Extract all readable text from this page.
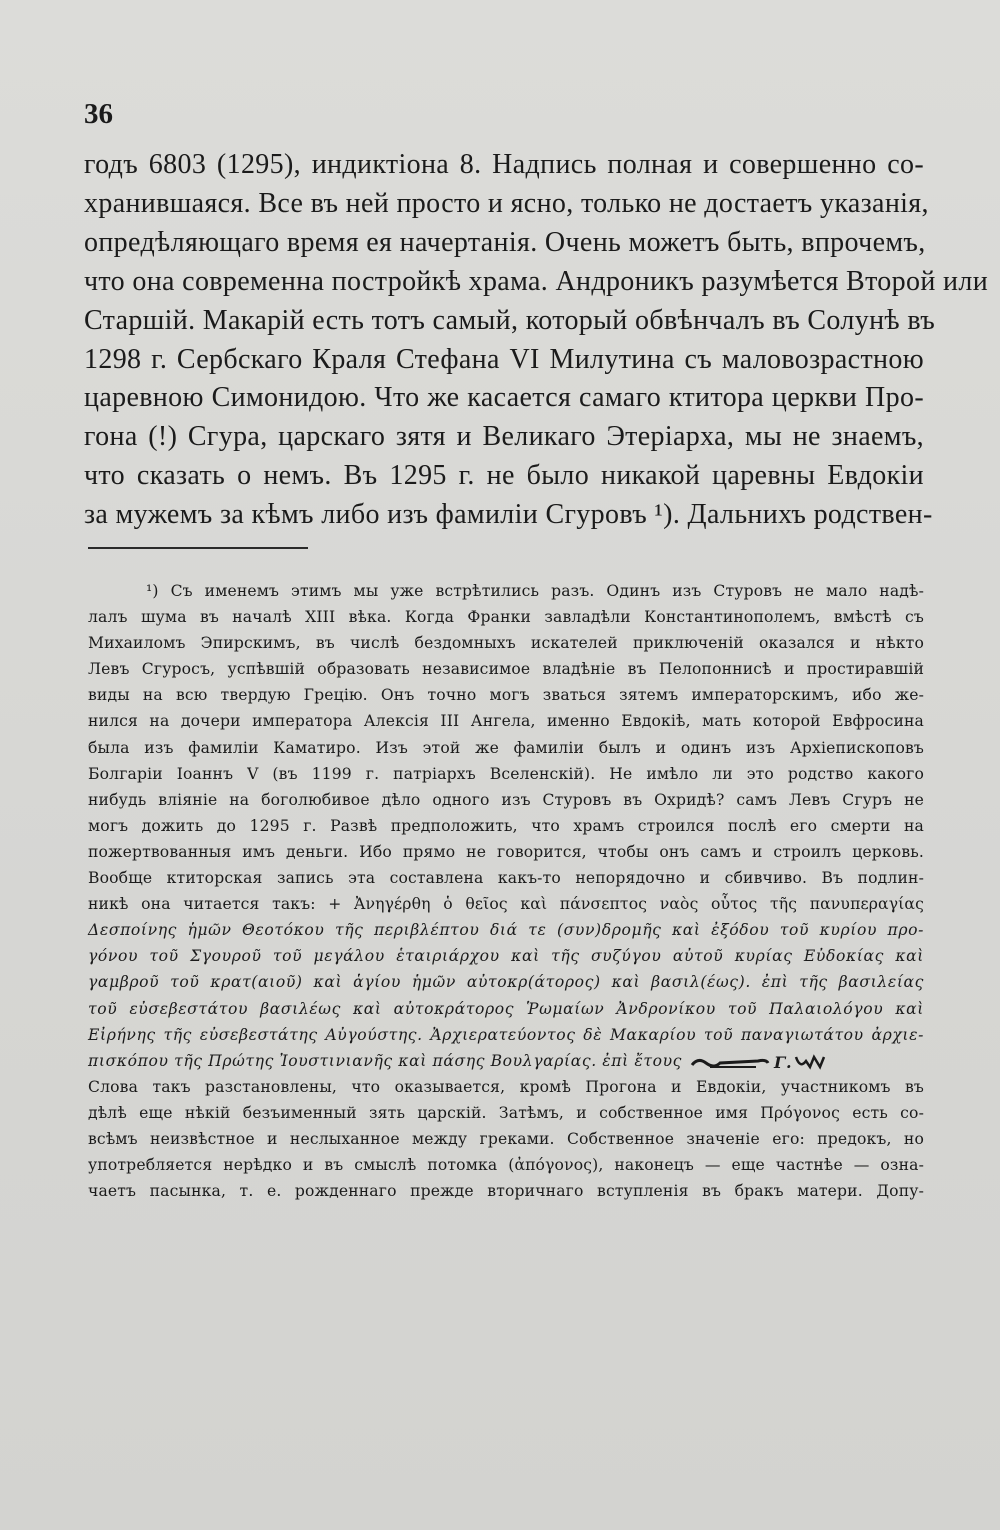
36
годъ 6803 (1295), индиктіона 8. Надпись полная и совершенно со-
хранившаяся. Все въ ней просто и ясно, только не достаетъ указанія,
опредѣляющаго время ея начертанія. Очень можетъ быть, впрочемъ,
что она современна постройкѣ храма. Андроникъ разумѣется Второй или
Старшій. Макарій есть тотъ самый, который обвѣнчалъ въ Солунѣ въ
1298 г. Сербскаго Краля Стефана VI Милутина съ маловозрастною
царевною Симонидою. Что же касается самаго ктитора церкви Про-
гона (!) Сгура, царскаго зятя и Великаго Этеріарха, мы не знаемъ,
что сказать о немъ. Въ 1295 г. не было никакой царевны Евдокіи
за мужемъ за кѣмъ либо изъ фамиліи Сгуровъ ¹). Дальнихъ родствен-
¹) Съ именемъ этимъ мы уже встрѣтились разъ. Одинъ изъ Стуровъ не мало надѣ-
лалъ шума въ началѣ XIII вѣка. Когда Франки завладѣли Константинополемъ, вмѣстѣ съ
Михаиломъ Эпирскимъ, въ числѣ бездомныхъ искателей приключеній оказался и нѣкто
Левъ Сгуросъ, успѣвшій образовать независимое владѣніе въ Пелопоннисѣ и простиравшій
виды на всю твердую Грецію. Онъ точно могъ зваться зятемъ императорскимъ, ибо же-
нился на дочери императора Алексія III Ангела, именно Евдокіѣ, мать которой Евфросина
была изъ фамиліи Каматиро. Изъ этой же фамиліи былъ и одинъ изъ Архіепископовъ
Болгаріи Іоаннъ V (въ 1199 г. патріархъ Вселенскій). Не имѣло ли это родство какого
нибудь вліяніе на боголюбивое дѣло одного изъ Стуровъ въ Охридѣ? самъ Левъ Сгуръ не
могъ дожить до 1295 г. Развѣ предположить, что храмъ строился послѣ его смерти на
пожертвованныя имъ деньги. Ибо прямо не говорится, чтобы онъ самъ и строилъ церковь.
Вообще ктиторская запись эта составлена какъ-то непорядочно и сбивчиво. Въ подлин-
никѣ она читается такъ: + Ἀνηγέρθη ὁ θεῖος καὶ πάνσεπτος ναὸς οὗτος τῆς πανυπεραγίας
Δεσποίνης ἡμῶν Θεοτόκου τῆς περιβλέπτου διά τε (συν)δρομῆς καὶ ἐξόδου τοῦ κυρίου προ-
γόνου τοῦ Σγουροῦ τοῦ μεγάλου ἑταιριάρχου καὶ τῆς συζύγου αὐτοῦ κυρίας Εὐδοκίας καὶ
γαμβροῦ τοῦ κρατ(αιοῦ) καὶ ἁγίου ἡμῶν αὐτοκρ(άτορος) καὶ βασιλ(έως). ἐπὶ τῆς βασιλείας
τοῦ εὐσεβεστάτου βασιλέως καὶ αὐτοκράτορος Ῥωμαίων Ἀνδρονίκου τοῦ Παλαιολόγου καὶ
Εἰρήνης τῆς εὐσεβεστάτης Αὐγούστης. Ἀρχιερατεύοντος δὲ Μακαρίου τοῦ παναγιωτάτου ἀρχιε-
πισκόπου τῆς Πρώτης Ἰουστινιανῆς καὶ πάσης Βουλγαρίας. ἐπὶ ἔτους	Γ.
Слова такъ разстановлены, что оказывается, кромѣ Прогона и Евдокіи, участникомъ въ
дѣлѣ еще нѣкій безъименный зять царскій. Затѣмъ, и собственное имя Πρόγονος есть со-
всѣмъ неизвѣстное и неслыханное между греками. Собственное значеніе его: предокъ, но
употребляется нерѣдко и въ смыслѣ потомка (ἀπόγονος), наконецъ — еще частнѣе — озна-
чаетъ пасынка, т. е. рожденнаго прежде вторичнаго вступленія въ бракъ матери. Допу-
